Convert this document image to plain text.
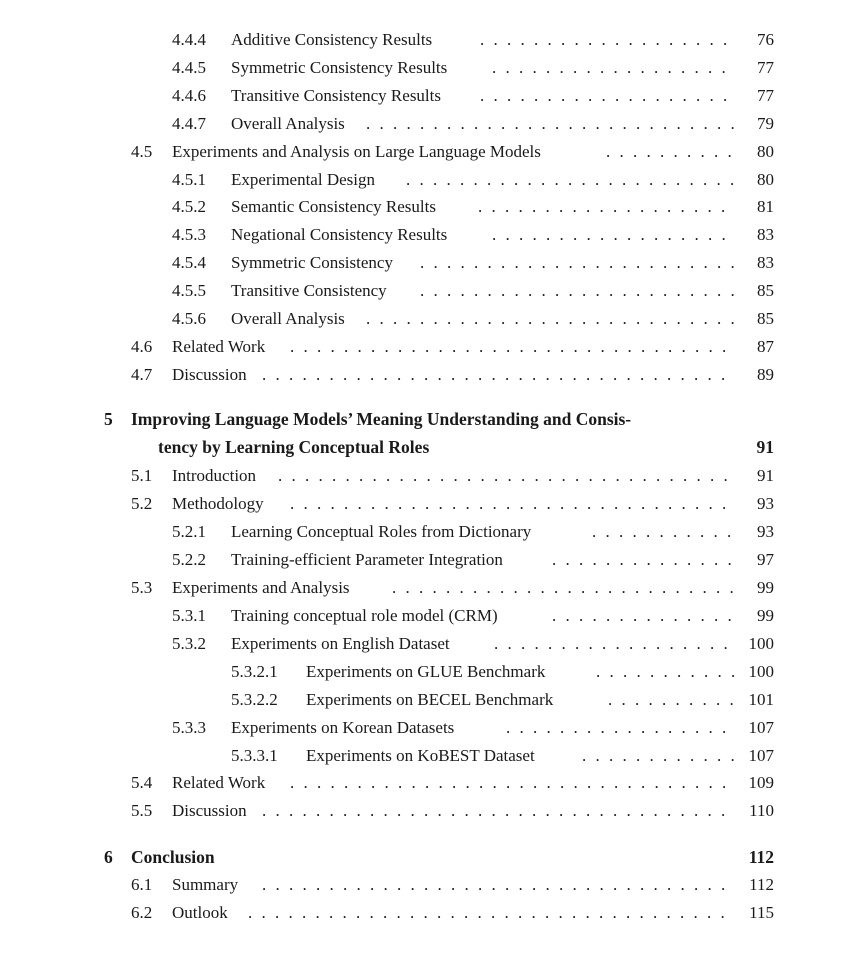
4.4.4 Additive Consistency Results . . .	76
4.4.5 Symmetric Consistency Results . . .	77
4.4.6 Transitive Consistency Results . . .	77
4.4.7 Overall Analysis . . .	79
4.5 Experiments and Analysis on Large Language Models . . .	80
4.5.1 Experimental Design . . .	80
4.5.2 Semantic Consistency Results . . .	81
4.5.3 Negational Consistency Results . . .	83
4.5.4 Symmetric Consistency . . .	83
4.5.5 Transitive Consistency . . .	85
4.5.6 Overall Analysis . . .	85
4.6 Related Work . . .	87
4.7 Discussion . . .	89
5 Improving Language Models’ Meaning Understanding and Consis-
tency by Learning Conceptual Roles	91
5.1 Introduction . . .	91
5.2 Methodology . . .	93
5.2.1 Learning Conceptual Roles from Dictionary . . .	93
5.2.2 Training-efficient Parameter Integration . . .	97
5.3 Experiments and Analysis . . .	99
5.3.1 Training conceptual role model (CRM) . . .	99
5.3.2 Experiments on English Dataset . . .	100
5.3.2.1 Experiments on GLUE Benchmark . . .	100
5.3.2.2 Experiments on BECEL Benchmark . . .	101
5.3.3 Experiments on Korean Datasets . . .	107
5.3.3.1 Experiments on KoBEST Dataset . . .	107
5.4 Related Work . . .	109
5.5 Discussion . . .	110
6 Conclusion	112
6.1 Summary . . .	112
6.2 Outlook . . .	115
